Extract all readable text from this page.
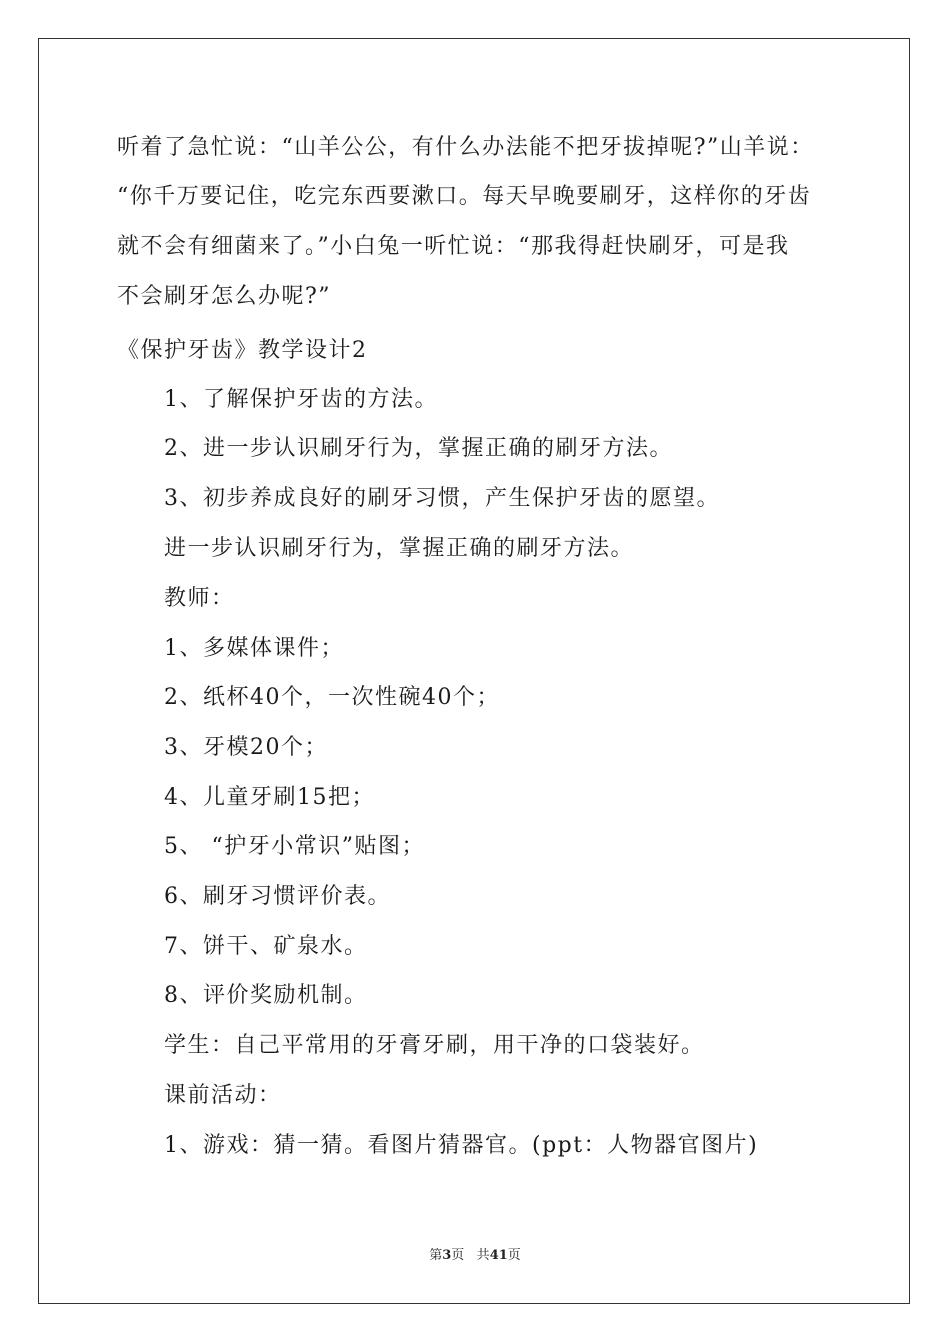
听着了急忙说：“山羊公公，有什么办法能不把牙拔掉呢?”山羊说：
“你千万要记住，吃完东西要漱口。每天早晚要刷牙，这样你的牙齿
就不会有细菌来了。”小白兔一听忙说：“那我得赶快刷牙，可是我
不会刷牙怎么办呢?”
《保护牙齿》教学设计2
1、了解保护牙齿的方法。
2、进一步认识刷牙行为，掌握正确的刷牙方法。
3、初步养成良好的刷牙习惯，产生保护牙齿的愿望。
进一步认识刷牙行为，掌握正确的刷牙方法。
教师：
1、多媒体课件；
2、纸杯40个，一次性碗40个；
3、牙模20个；
4、儿童牙刷15把；
5、 “护牙小常识”贴图；
6、刷牙习惯评价表。
7、饼干、矿泉水。
8、评价奖励机制。
学生：自己平常用的牙膏牙刷，用干净的口袋装好。
课前活动：
1、游戏：猜一猜。看图片猜器官。(ppt：人物器官图片)
第3页 共41页
